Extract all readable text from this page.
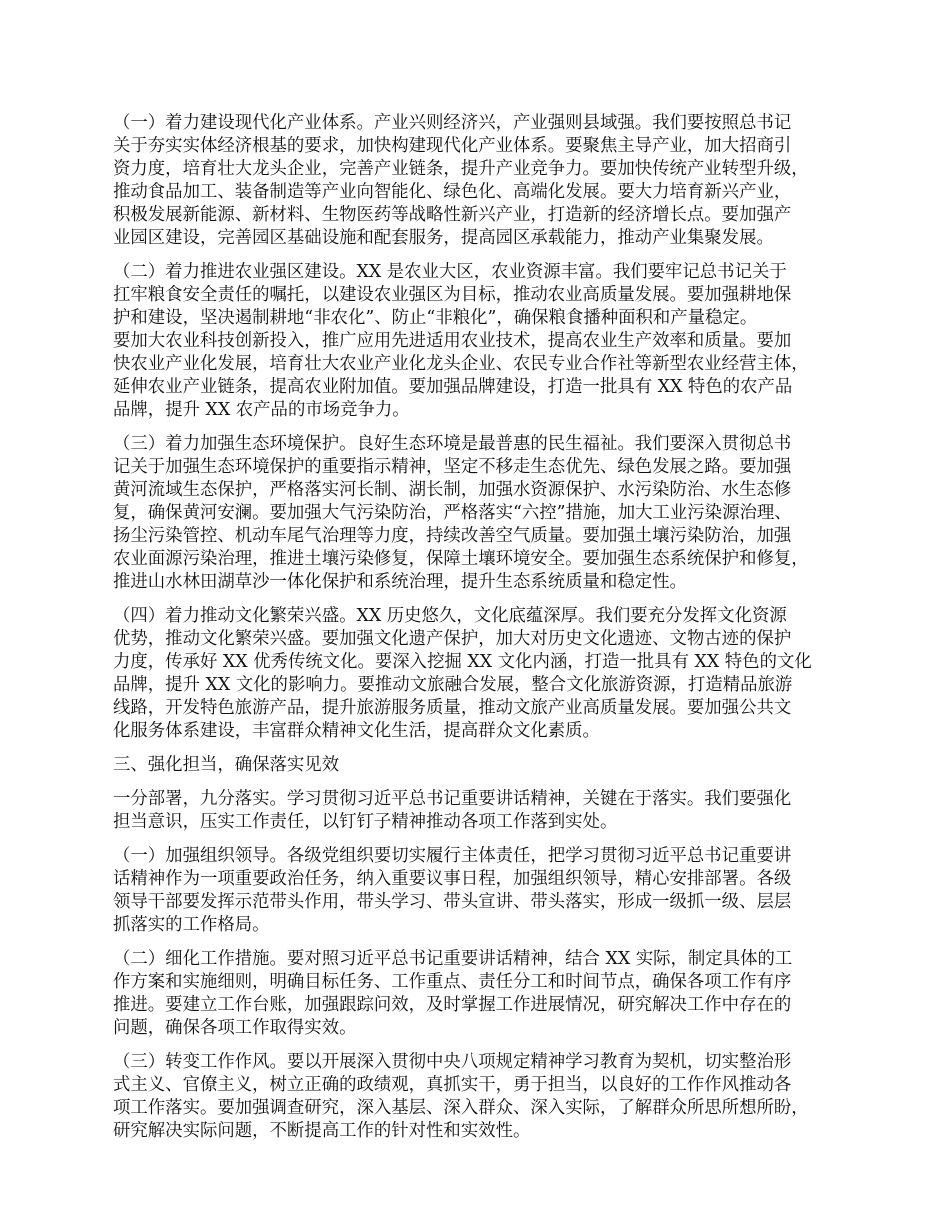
（一）着力建设现代化产业体系。产业兴则经济兴，产业强则县域强。我们要按照总书记
关于夯实实体经济根基的要求，加快构建现代化产业体系。要聚焦主导产业，加大招商引
资力度，培育壮大龙头企业，完善产业链条，提升产业竞争力。要加快传统产业转型升级，
推动食品加工、装备制造等产业向智能化、绿色化、高端化发展。要大力培育新兴产业，
积极发展新能源、新材料、生物医药等战略性新兴产业，打造新的经济增长点。要加强产
业园区建设，完善园区基础设施和配套服务，提高园区承载能力，推动产业集聚发展。
（二）着力推进农业强区建设。XX 是农业大区，农业资源丰富。我们要牢记总书记关于
扛牢粮食安全责任的嘱托，以建设农业强区为目标，推动农业高质量发展。要加强耕地保
护和建设，坚决遏制耕地“非农化”、防止“非粮化”，确保粮食播种面积和产量稳定。
要加大农业科技创新投入，推广应用先进适用农业技术，提高农业生产效率和质量。要加
快农业产业化发展，培育壮大农业产业化龙头企业、农民专业合作社等新型农业经营主体，
延伸农业产业链条，提高农业附加值。要加强品牌建设，打造一批具有 XX 特色的农产品
品牌，提升 XX 农产品的市场竞争力。
（三）着力加强生态环境保护。良好生态环境是最普惠的民生福祉。我们要深入贯彻总书
记关于加强生态环境保护的重要指示精神，坚定不移走生态优先、绿色发展之路。要加强
黄河流域生态保护，严格落实河长制、湖长制，加强水资源保护、水污染防治、水生态修
复，确保黄河安澜。要加强大气污染防治，严格落实“六控”措施，加大工业污染源治理、
扬尘污染管控、机动车尾气治理等力度，持续改善空气质量。要加强土壤污染防治，加强
农业面源污染治理，推进土壤污染修复，保障土壤环境安全。要加强生态系统保护和修复，
推进山水林田湖草沙一体化保护和系统治理，提升生态系统质量和稳定性。
（四）着力推动文化繁荣兴盛。XX 历史悠久，文化底蕴深厚。我们要充分发挥文化资源
优势，推动文化繁荣兴盛。要加强文化遗产保护，加大对历史文化遗迹、文物古迹的保护
力度，传承好 XX 优秀传统文化。要深入挖掘 XX 文化内涵，打造一批具有 XX 特色的文化
品牌，提升 XX 文化的影响力。要推动文旅融合发展，整合文化旅游资源，打造精品旅游
线路，开发特色旅游产品，提升旅游服务质量，推动文旅产业高质量发展。要加强公共文
化服务体系建设，丰富群众精神文化生活，提高群众文化素质。
三、强化担当，确保落实见效
一分部署，九分落实。学习贯彻习近平总书记重要讲话精神，关键在于落实。我们要强化
担当意识，压实工作责任，以钉钉子精神推动各项工作落到实处。
（一）加强组织领导。各级党组织要切实履行主体责任，把学习贯彻习近平总书记重要讲
话精神作为一项重要政治任务，纳入重要议事日程，加强组织领导，精心安排部署。各级
领导干部要发挥示范带头作用，带头学习、带头宣讲、带头落实，形成一级抓一级、层层
抓落实的工作格局。
（二）细化工作措施。要对照习近平总书记重要讲话精神，结合 XX 实际，制定具体的工
作方案和实施细则，明确目标任务、工作重点、责任分工和时间节点，确保各项工作有序
推进。要建立工作台账，加强跟踪问效，及时掌握工作进展情况，研究解决工作中存在的
问题，确保各项工作取得实效。
（三）转变工作作风。要以开展深入贯彻中央八项规定精神学习教育为契机，切实整治形
式主义、官僚主义，树立正确的政绩观，真抓实干，勇于担当，以良好的工作作风推动各
项工作落实。要加强调查研究，深入基层、深入群众、深入实际，了解群众所思所想所盼，
研究解决实际问题，不断提高工作的针对性和实效性。
